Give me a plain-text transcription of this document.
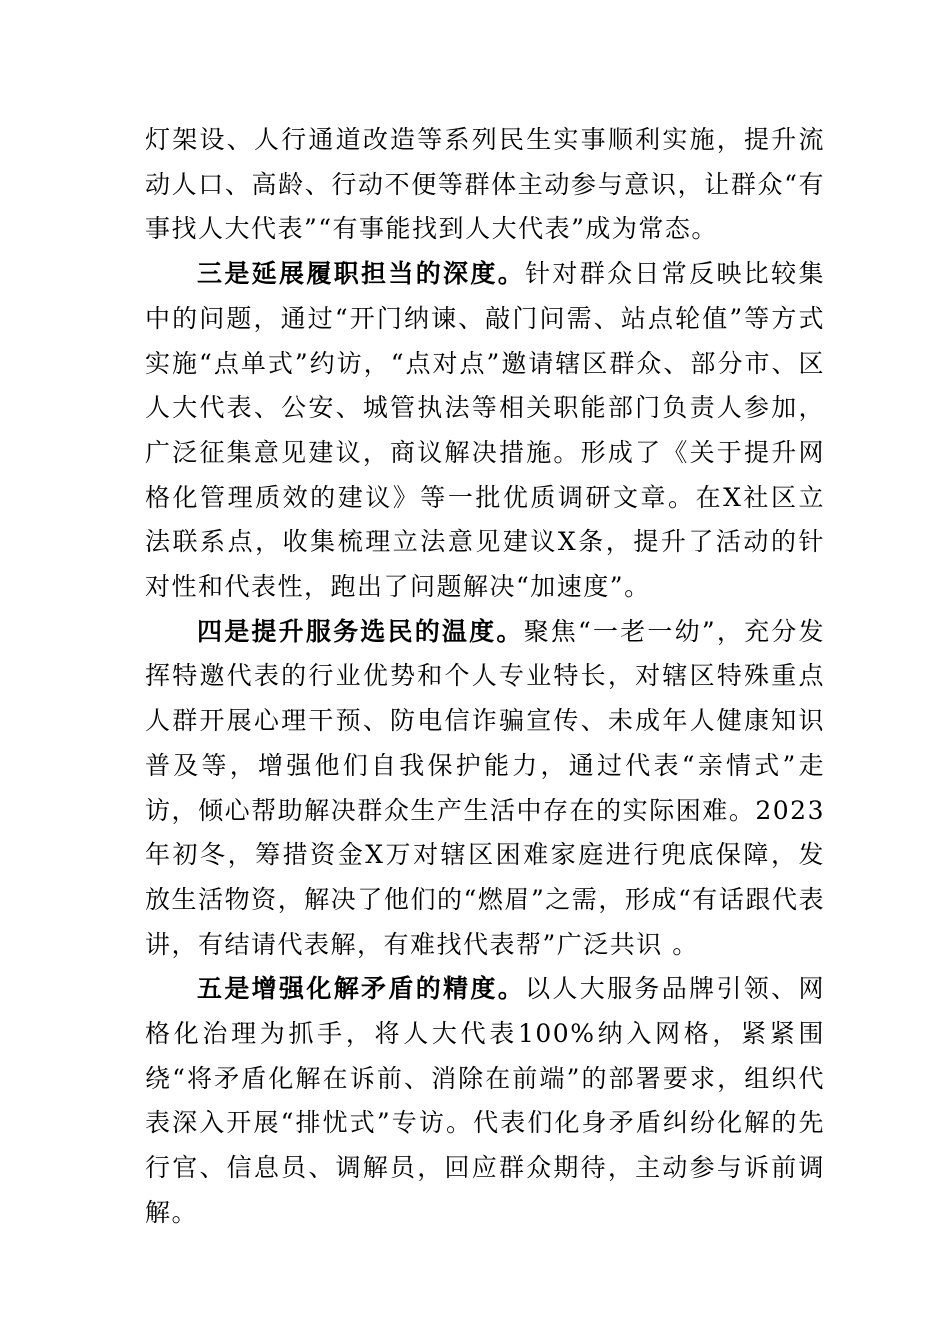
灯架设、人行通道改造等系列民生实事顺利实施，提升流动人口、高龄、行动不便等群体主动参与意识，让群众“有事找人大代表”“有事能找到人大代表”成为常态。

三是延展履职担当的深度。针对群众日常反映比较集中的问题，通过“开门纳谏、敲门问需、站点轮值”等方式实施“点单式”约访，“点对点”邀请辖区群众、部分市、区人大代表、公安、城管执法等相关职能部门负责人参加，广泛征集意见建议，商议解决措施。形成了《关于提升网格化管理质效的建议》等一批优质调研文章。在X社区立法联系点，收集梳理立法意见建议X条，提升了活动的针对性和代表性，跑出了问题解决“加速度”。

四是提升服务选民的温度。聚焦“一老一幼”，充分发挥特邀代表的行业优势和个人专业特长，对辖区特殊重点人群开展心理干预、防电信诈骗宣传、未成年人健康知识普及等，增强他们自我保护能力，通过代表“亲情式”走访，倾心帮助解决群众生产生活中存在的实际困难。2023年初冬，筹措资金X万对辖区困难家庭进行兜底保障，发放生活物资，解决了他们的“燃眉”之需，形成“有话跟代表讲，有结请代表解，有难找代表帮”广泛共识 。

五是增强化解矛盾的精度。以人大服务品牌引领、网格化治理为抓手，将人大代表100%纳入网格，紧紧围绕“将矛盾化解在诉前、消除在前端”的部署要求，组织代表深入开展“排忧式”专访。代表们化身矛盾纠纷化解的先行官、信息员、调解员，回应群众期待，主动参与诉前调解。
